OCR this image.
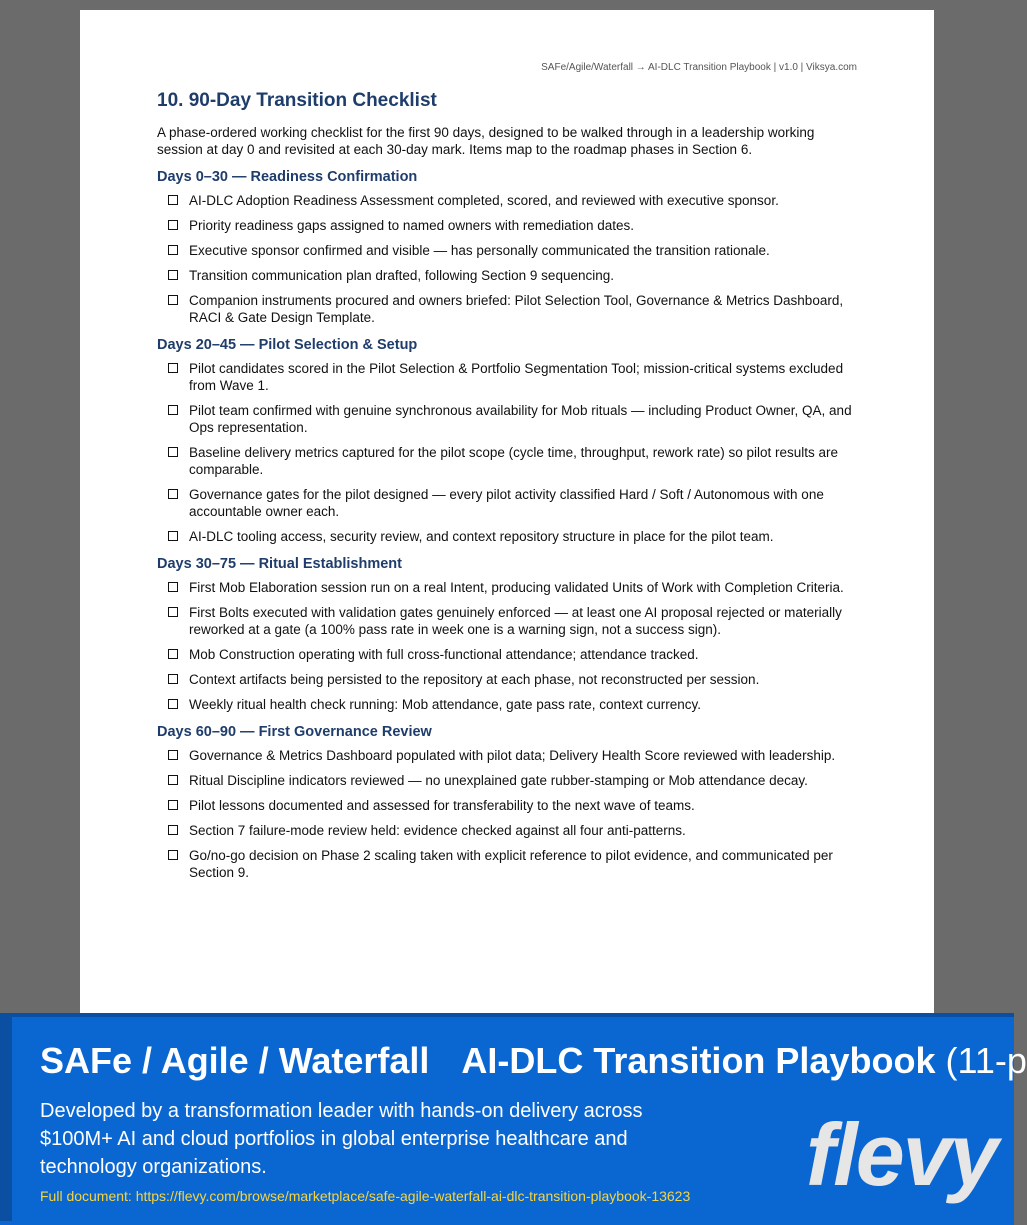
SAFe/Agile/Waterfall → AI-DLC Transition Playbook | v1.0 | Viksya.com
10. 90-Day Transition Checklist

A phase-ordered working checklist for the first 90 days, designed to be walked through in a leadership working session at day 0 and revisited at each 30-day mark. Items map to the roadmap phases in Section 6.

Days 0–30 — Readiness Confirmation
AI-DLC Adoption Readiness Assessment completed, scored, and reviewed with executive sponsor.
Priority readiness gaps assigned to named owners with remediation dates.
Executive sponsor confirmed and visible — has personally communicated the transition rationale.
Transition communication plan drafted, following Section 9 sequencing.
Companion instruments procured and owners briefed: Pilot Selection Tool, Governance & Metrics Dashboard, RACI & Gate Design Template.
Days 20–45 — Pilot Selection & Setup
Pilot candidates scored in the Pilot Selection & Portfolio Segmentation Tool; mission-critical systems excluded from Wave 1.
Pilot team confirmed with genuine synchronous availability for Mob rituals — including Product Owner, QA, and Ops representation.
Baseline delivery metrics captured for the pilot scope (cycle time, throughput, rework rate) so pilot results are comparable.
Governance gates for the pilot designed — every pilot activity classified Hard / Soft / Autonomous with one accountable owner each.
AI-DLC tooling access, security review, and context repository structure in place for the pilot team.
Days 30–75 — Ritual Establishment
First Mob Elaboration session run on a real Intent, producing validated Units of Work with Completion Criteria.
First Bolts executed with validation gates genuinely enforced — at least one AI proposal rejected or materially reworked at a gate (a 100% pass rate in week one is a warning sign, not a success sign).
Mob Construction operating with full cross-functional attendance; attendance tracked.
Context artifacts being persisted to the repository at each phase, not reconstructed per session.
Weekly ritual health check running: Mob attendance, gate pass rate, context currency.
Days 60–90 — First Governance Review
Governance & Metrics Dashboard populated with pilot data; Delivery Health Score reviewed with leadership.
Ritual Discipline indicators reviewed — no unexplained gate rubber-stamping or Mob attendance decay.
Pilot lessons documented and assessed for transferability to the next wave of teams.
Section 7 failure-mode review held: evidence checked against all four anti-patterns.
Go/no-go decision on Phase 2 scaling taken with explicit reference to pilot evidence, and communicated per Section 9.
SAFe / Agile / Waterfall AI-DLC Transition Playbook (11-p
Developed by a transformation leader with hands-on delivery across $100M+ AI and cloud portfolios in global enterprise healthcare and technology organizations.
Full document: https://flevy.com/browse/marketplace/safe-agile-waterfall-ai-dlc-transition-playbook-13623 flevy
